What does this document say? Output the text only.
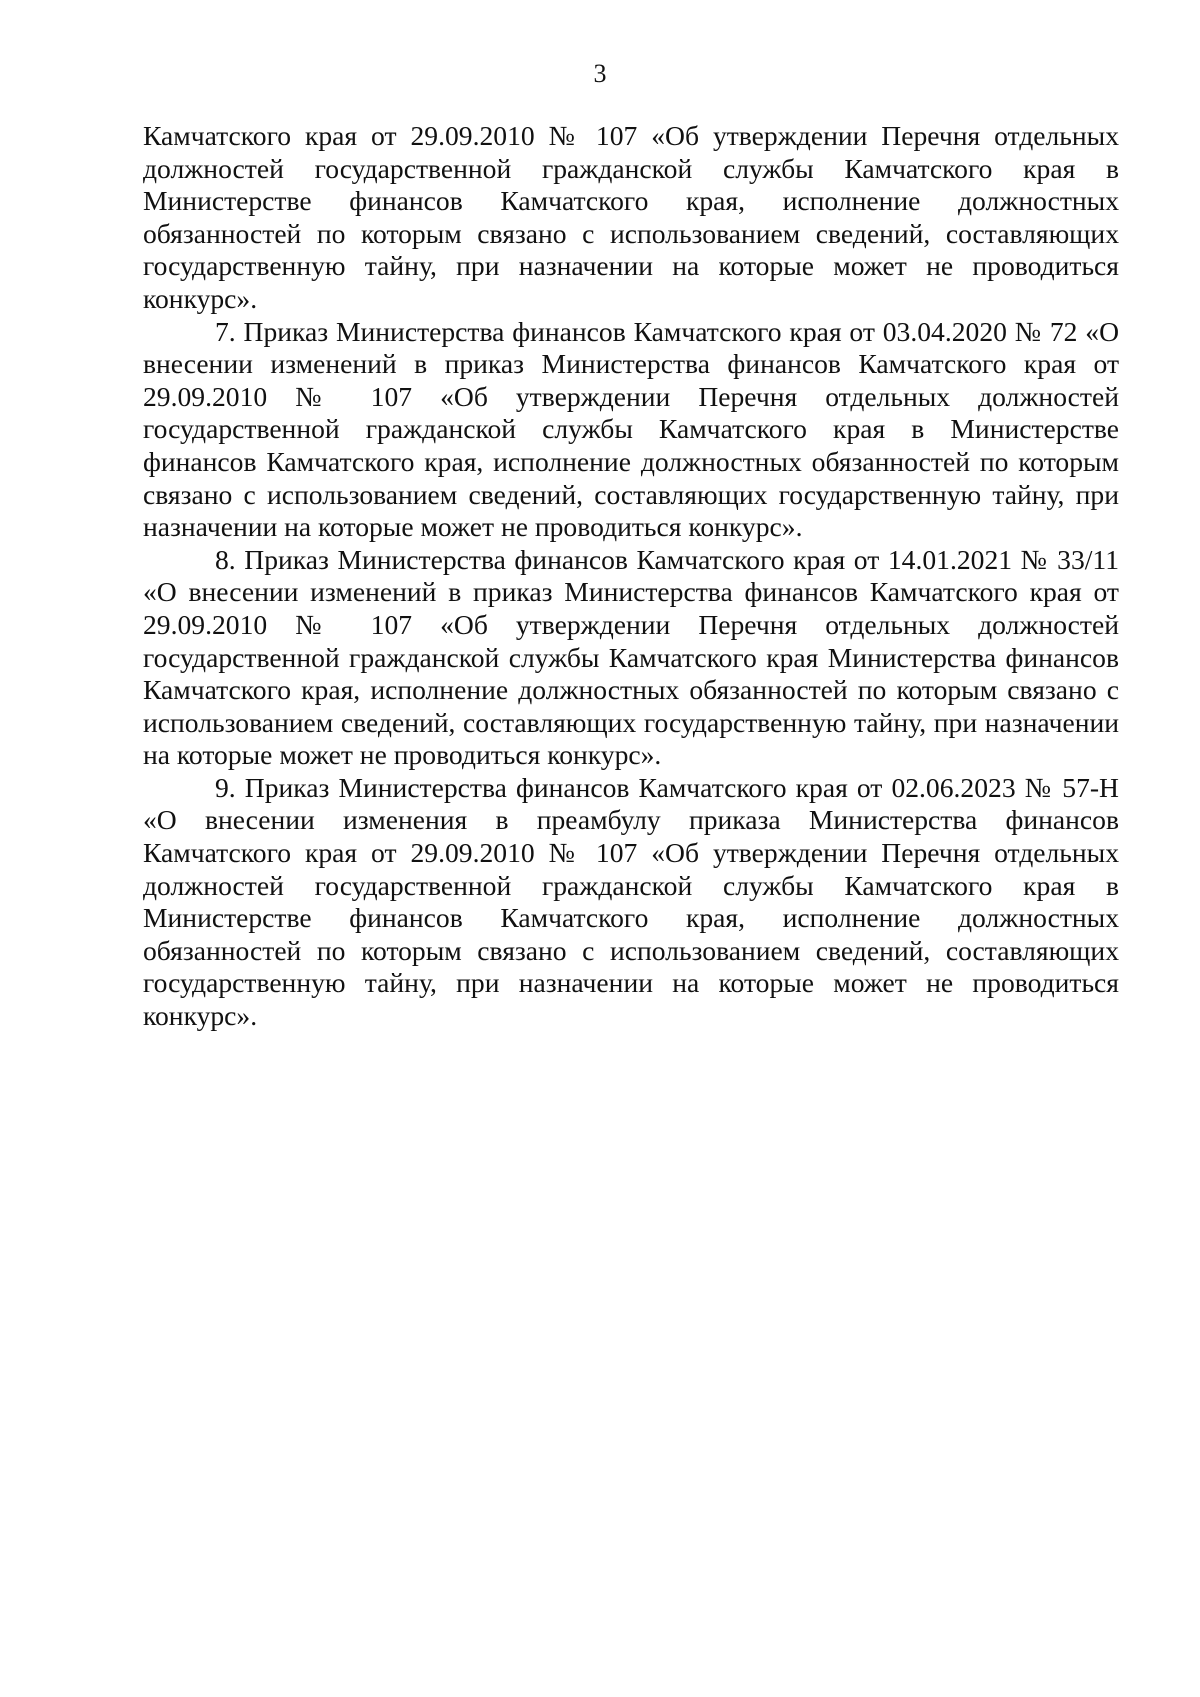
3

Камчатского края от 29.09.2010 № 107 «Об утверждении Перечня отдельных должностей государственной гражданской службы Камчатского края в Министерстве финансов Камчатского края, исполнение должностных обязанностей по которым связано с использованием сведений, составляющих государственную тайну, при назначении на которые может не проводиться конкурс».

7. Приказ Министерства финансов Камчатского края от 03.04.2020 № 72 «О внесении изменений в приказ Министерства финансов Камчатского края от 29.09.2010 № 107 «Об утверждении Перечня отдельных должностей государственной гражданской службы Камчатского края в Министерстве финансов Камчатского края, исполнение должностных обязанностей по которым связано с использованием сведений, составляющих государственную тайну, при назначении на которые может не проводиться конкурс».

8. Приказ Министерства финансов Камчатского края от 14.01.2021 № 33/11 «О внесении изменений в приказ Министерства финансов Камчатского края от 29.09.2010 № 107 «Об утверждении Перечня отдельных должностей государственной гражданской службы Камчатского края Министерства финансов Камчатского края, исполнение должностных обязанностей по которым связано с использованием сведений, составляющих государственную тайну, при назначении на которые может не проводиться конкурс».

9. Приказ Министерства финансов Камчатского края от 02.06.2023 № 57-Н «О внесении изменения в преамбулу приказа Министерства финансов Камчатского края от 29.09.2010 № 107 «Об утверждении Перечня отдельных должностей государственной гражданской службы Камчатского края в Министерстве финансов Камчатского края, исполнение должностных обязанностей по которым связано с использованием сведений, составляющих государственную тайну, при назначении на которые может не проводиться конкурс».
